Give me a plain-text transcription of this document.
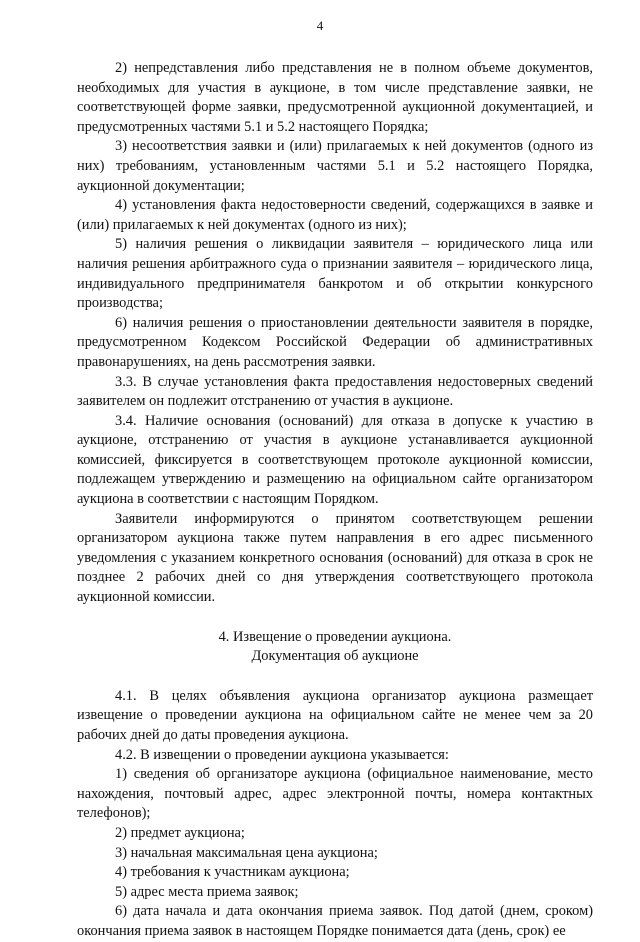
4

2) непредставления либо представления не в полном объеме документов, необходимых для участия в аукционе, в том числе представление заявки, не соответствующей форме заявки, предусмотренной аукционной документацией, и предусмотренных частями 5.1 и 5.2 настоящего Порядка;

3) несоответствия заявки и (или) прилагаемых к ней документов (одного из них) требованиям, установленным частями 5.1 и 5.2 настоящего Порядка, аукционной документации;

4) установления факта недостоверности сведений, содержащихся в заявке и (или) прилагаемых к ней документах (одного из них);

5) наличия решения о ликвидации заявителя – юридического лица или наличия решения арбитражного суда о признании заявителя – юридического лица, индивидуального предпринимателя банкротом и об открытии конкурсного производства;

6) наличия решения о приостановлении деятельности заявителя в порядке, предусмотренном Кодексом Российской Федерации об административных правонарушениях, на день рассмотрения заявки.

3.3. В случае установления факта предоставления недостоверных сведений заявителем он подлежит отстранению от участия в аукционе.

3.4. Наличие основания (оснований) для отказа в допуске к участию в аукционе, отстранению от участия в аукционе устанавливается аукционной комиссией, фиксируется в соответствующем протоколе аукционной комиссии, подлежащем утверждению и размещению на официальном сайте организатором аукциона в соответствии с настоящим Порядком.

Заявители информируются о принятом соответствующем решении организатором аукциона также путем направления в его адрес письменного уведомления с указанием конкретного основания (оснований) для отказа в срок не позднее 2 рабочих дней со дня утверждения соответствующего протокола аукционной комиссии.

4. Извещение о проведении аукциона.

Документация об аукционе

4.1. В целях объявления аукциона организатор аукциона размещает извещение о проведении аукциона на официальном сайте не менее чем за 20 рабочих дней до даты проведения аукциона.

4.2. В извещении о проведении аукциона указывается:

1) сведения об организаторе аукциона (официальное наименование, место нахождения, почтовый адрес, адрес электронной почты, номера контактных телефонов);

2) предмет аукциона;

3) начальная максимальная цена аукциона;

4) требования к участникам аукциона;

5) адрес места приема заявок;

6) дата начала и дата окончания приема заявок. Под датой (днем, сроком) окончания приема заявок в настоящем Порядке понимается дата (день, срок) ее
